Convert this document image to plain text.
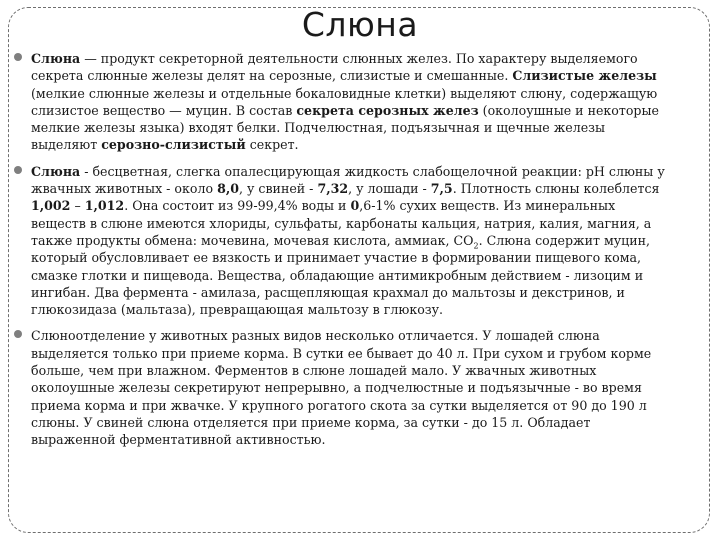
Слюна
Слюна — продукт секреторной деятельности слюнных желез. По характеру выделяемого
секрета слюнные железы делят на серозные, слизистые и смешанные. Слизистые железы
(мелкие слюнные железы и отдельные бокаловидные клетки) выделяют слюну, содержащую
слизистое вещество — муцин. В состав секрета серозных желез (околоушные и некоторые
мелкие железы языка) входят белки. Подчелюстная, подъязычная и щечные железы
выделяют серозно-слизистый секрет.
Слюна - бесцветная, слегка опалесцирующая жидкость слабощелочной реакции: рН слюны у
жвачных животных - около 8,0, у свиней - 7,32, у лошади - 7,5. Плотность слюны колеблется
1,002 – 1,012. Она состоит из 99-99,4% воды и 0,6-1% сухих веществ. Из минеральных
веществ в слюне имеются хлориды, сульфаты, карбонаты кальция, натрия, калия, магния, а
также продукты обмена: мочевина, мочевая кислота, аммиак, $СО_2$. Слюна содержит муцин,
который обусловливает ее вязкость и принимает участие в формировании пищевого кома,
смазке глотки и пищевода. Вещества, обладающие антимикробным действием - лизоцим и
ингибан. Два фермента - амилаза, расщепляющая крахмал до мальтозы и декстринов, и
глюкозидаза (мальтаза), превращающая мальтозу в глюкозу.
Слюноотделение у животных разных видов несколько отличается. У лошадей слюна
выделяется только при приеме корма. В сутки ее бывает до 40 л. При сухом и грубом корме
больше, чем при влажном. Ферментов в слюне лошадей мало. У жвачных животных
околоушные железы секретируют непрерывно, а подчелюстные и подъязычные - во время
приема корма и при жвачке. У крупного рогатого скота за сутки выделяется от 90 до 190 л
слюны. У свиней слюна отделяется при приеме корма, за сутки - до 15 л. Обладает
выраженной ферментативной активностью.
